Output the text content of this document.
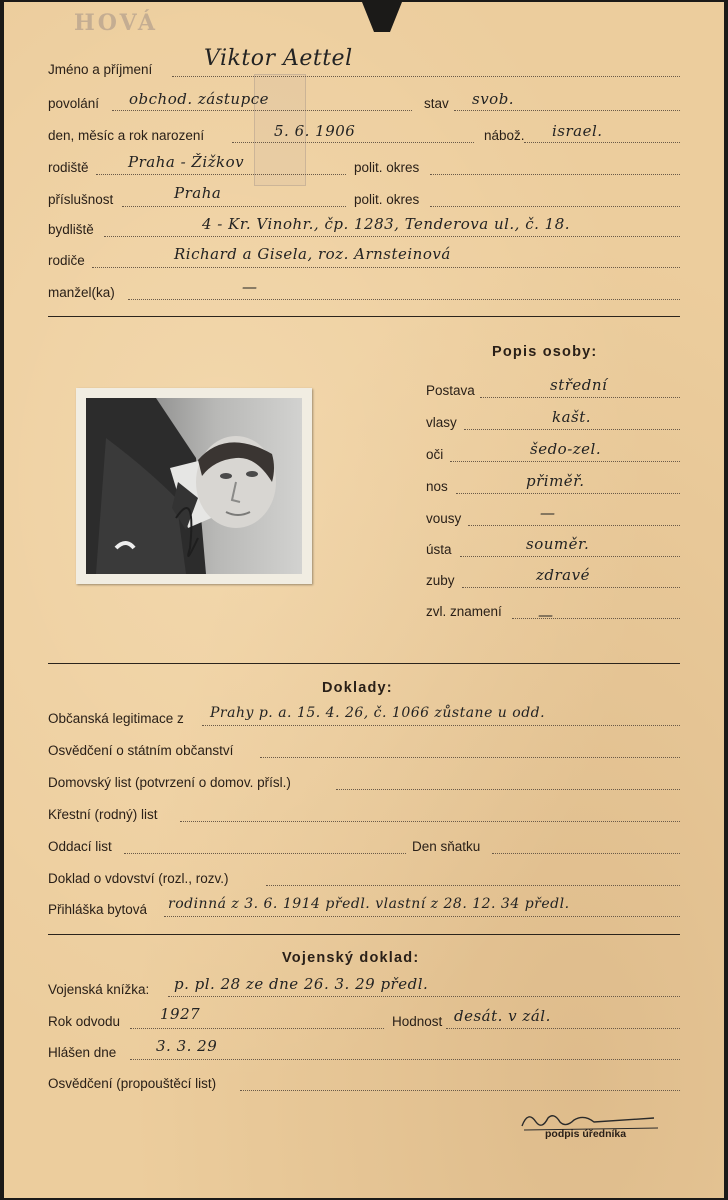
HOVÁ
Jméno a příjmení Viktor Aettel
povolání obchod. zástupce	stav svob.
den, měsíc a rok narození	5. 6. 1906	nábož. israel.
rodiště	Praha - Žižkov	polit. okres
příslušnost	Praha	polit. okres
bydliště	4 - Kr. Vinohr., čp. 1283, Tenderova ul., č. 18.
rodiče	Richard a Gisela, roz. Arnsteinová
manžel(ka)	—
Popis osoby:
Postava	střední
vlasy	kašt.
oči	šedo-zel.
nos	přiměř.
vousy	—
ústa	souměr.
zuby	zdravé
zvl. znamení —
Doklady:
Občanská legitimace z Prahy p. a. 15. 4. 26, č. 1066 zůstane u odd.
Osvědčení o státním občanství
Domovský list (potvrzení o domov. přísl.)
Křestní (rodný) list
Oddací list	Den sňatku
Doklad o vdovství (rozl., rozv.)
Přihláška bytová rodinná z 3. 6. 1914 předl. vlastní z 28. 12. 34 předl.
Vojenský doklad:
Vojenská knížka: p. pl. 28 ze dne 26. 3. 29 předl.
Rok odvodu	1927	Hodnost desát. v zál.
Hlášen dne	3. 3. 29
Osvědčení (propouštěcí list)
podpis úředníka
